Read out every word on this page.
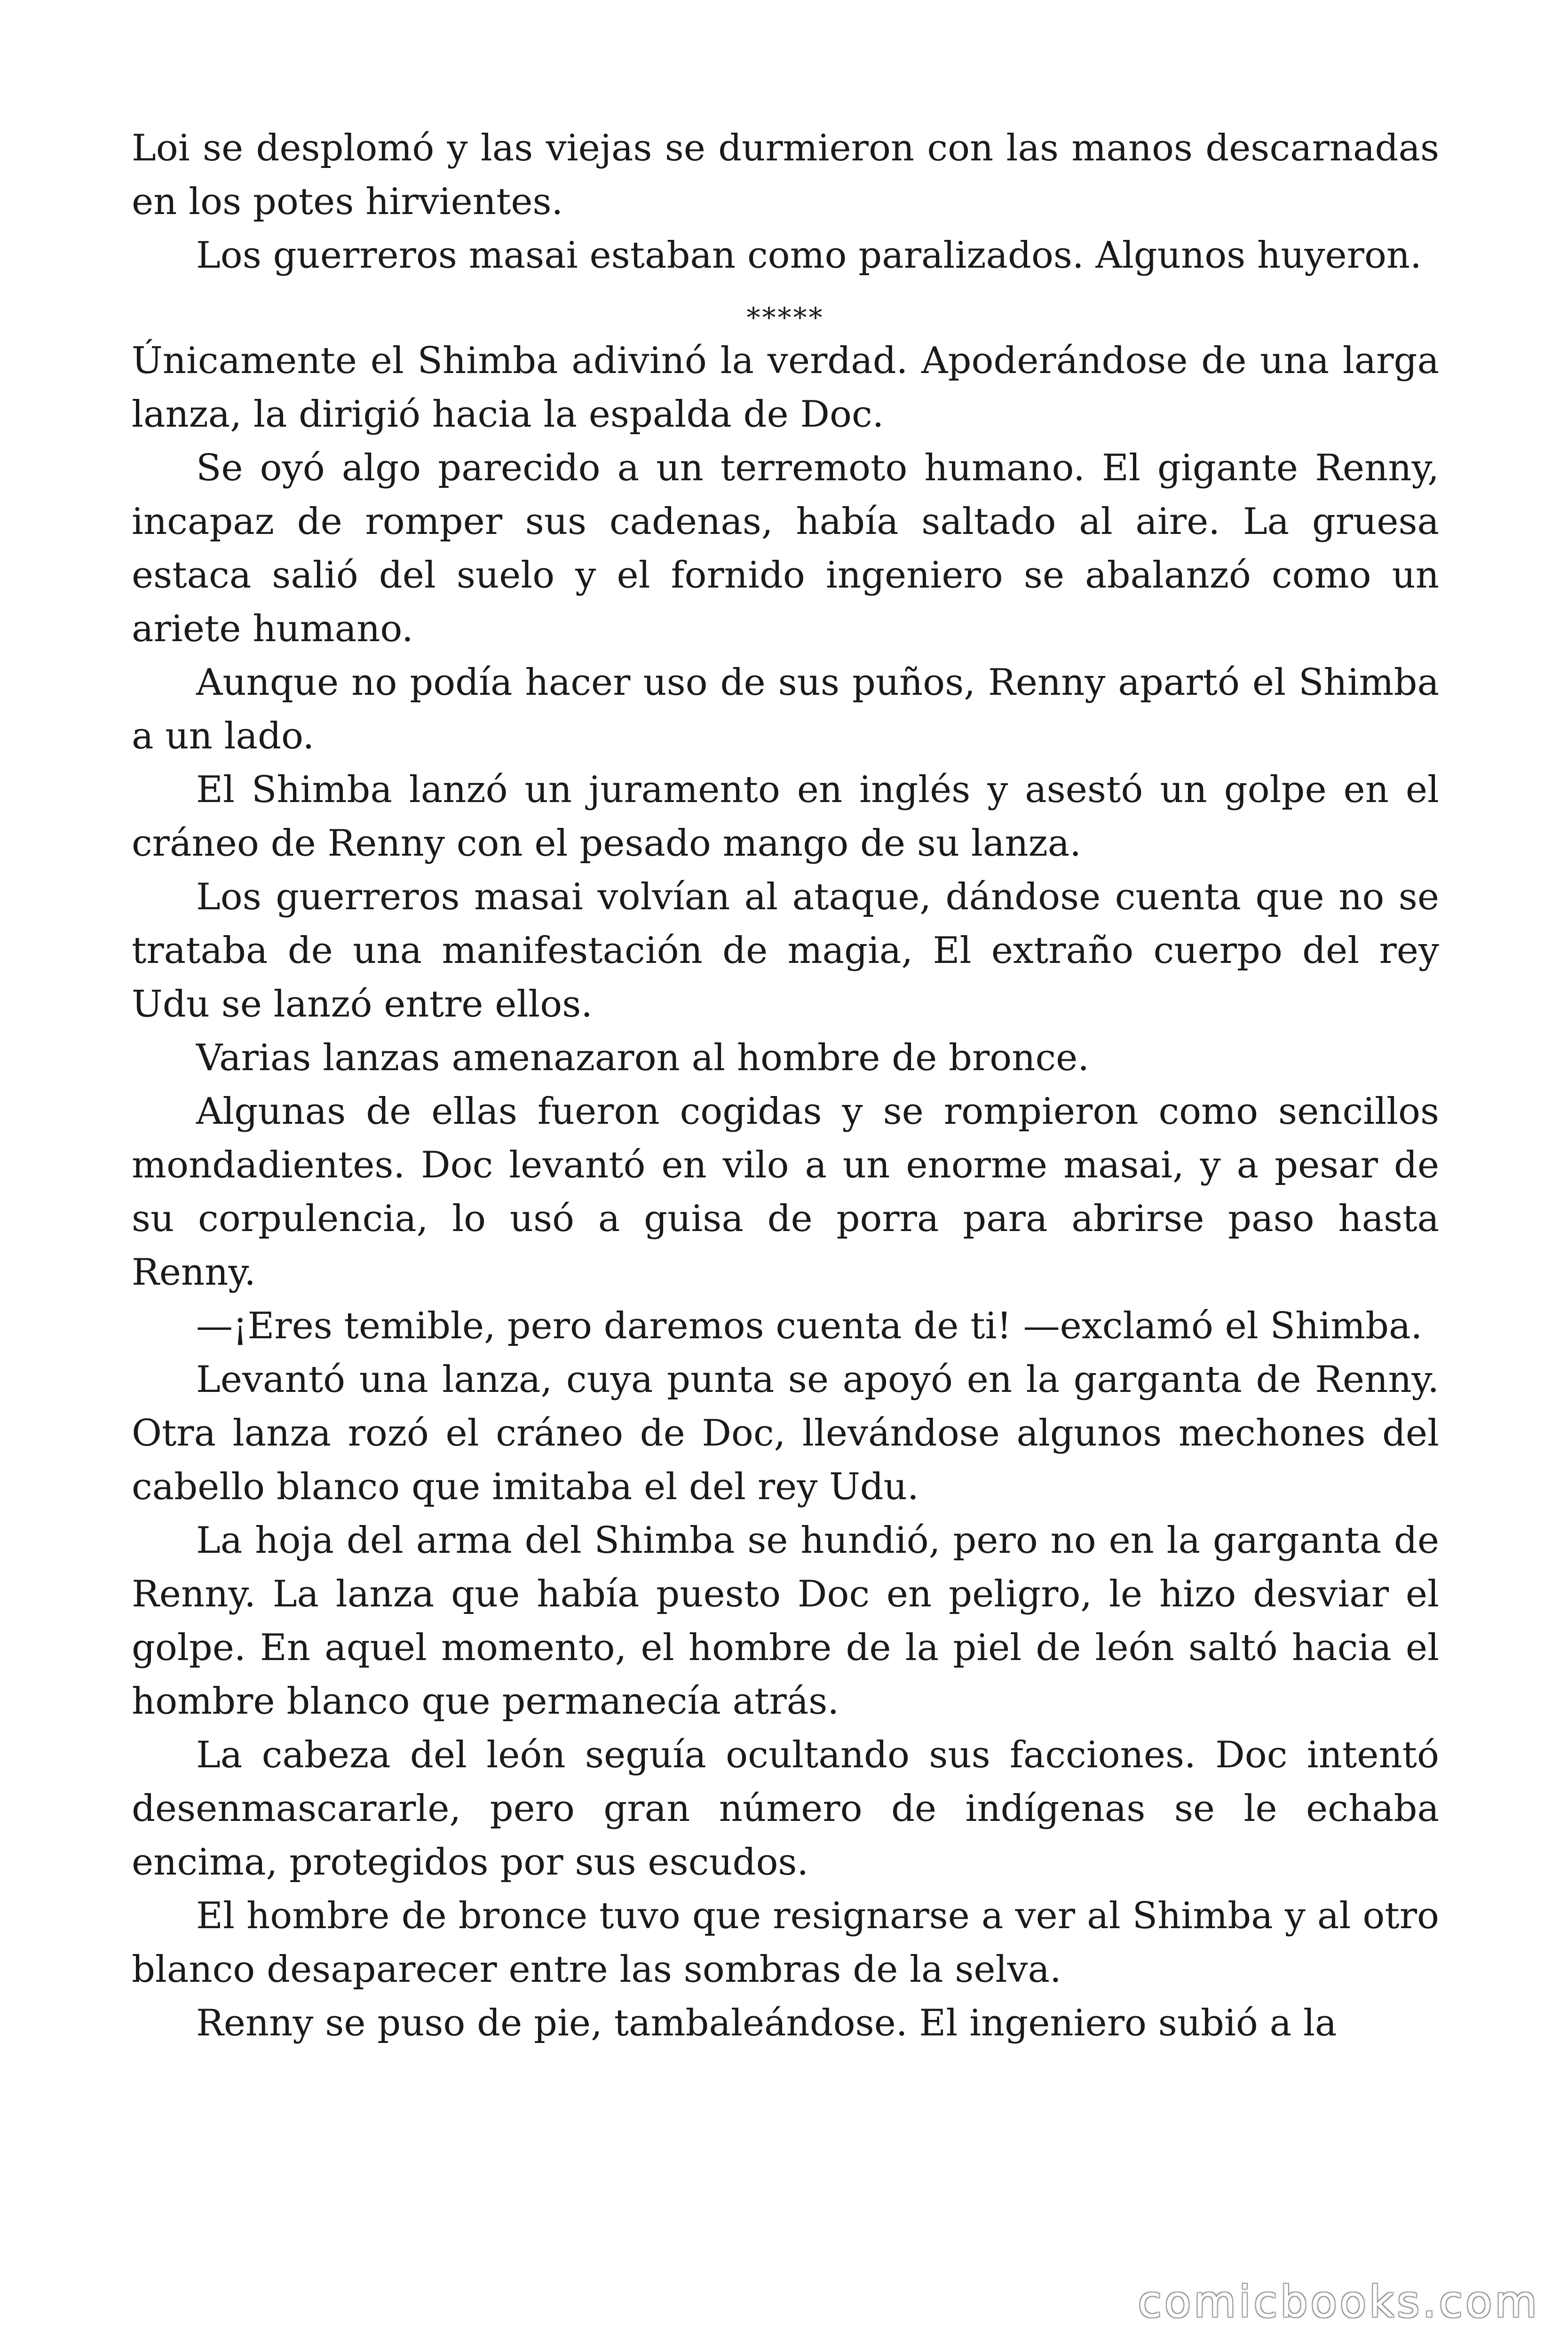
Loi se desplomó y las viejas se durmieron con las manos descarnadas en los potes hirvientes.

Los guerreros masai estaban como paralizados. Algunos huyeron.

*****

Únicamente el Shimba adivinó la verdad. Apoderándose de una larga lanza, la dirigió hacia la espalda de Doc.

Se oyó algo parecido a un terremoto humano. El gigante Renny, incapaz de romper sus cadenas, había saltado al aire. La gruesa estaca salió del suelo y el fornido ingeniero se abalanzó como un ariete humano.

Aunque no podía hacer uso de sus puños, Renny apartó el Shimba a un lado.

El Shimba lanzó un juramento en inglés y asestó un golpe en el cráneo de Renny con el pesado mango de su lanza.

Los guerreros masai volvían al ataque, dándose cuenta que no se trataba de una manifestación de magia, El extraño cuerpo del rey Udu se lanzó entre ellos.

Varias lanzas amenazaron al hombre de bronce.

Algunas de ellas fueron cogidas y se rompieron como sencillos mondadientes. Doc levantó en vilo a un enorme masai, y a pesar de su corpulencia, lo usó a guisa de porra para abrirse paso hasta Renny.

—¡Eres temible, pero daremos cuenta de ti! —exclamó el Shimba.

Levantó una lanza, cuya punta se apoyó en la garganta de Renny. Otra lanza rozó el cráneo de Doc, llevándose algunos mechones del cabello blanco que imitaba el del rey Udu.

La hoja del arma del Shimba se hundió, pero no en la garganta de Renny. La lanza que había puesto Doc en peligro, le hizo desviar el golpe. En aquel momento, el hombre de la piel de león saltó hacia el hombre blanco que permanecía atrás.

La cabeza del león seguía ocultando sus facciones. Doc intentó desenmascararle, pero gran número de indígenas se le echaba encima, protegidos por sus escudos.

El hombre de bronce tuvo que resignarse a ver al Shimba y al otro blanco desaparecer entre las sombras de la selva.

Renny se puso de pie, tambaleándose. El ingeniero subió a la

comicbooks.com
